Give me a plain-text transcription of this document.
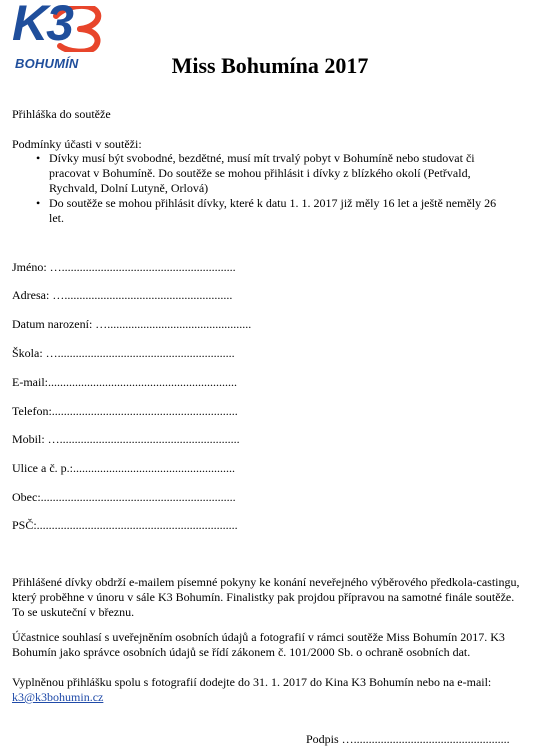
K3
BOHUMÍN	Miss Bohumína 2017
Přihláška do soutěže
Podmínky účasti v soutěži:
• Dívky musí být svobodné, bezdětné, musí mít trvalý pobyt v Bohumíně nebo studovat či pracovat v Bohumíně. Do soutěže se mohou přihlásit i dívky z blízkého okolí (Petřvald, Rychvald, Dolní Lutyně, Orlová)
• Do soutěže se mohou přihlásit dívky, které k datu 1. 1. 2017 již měly 16 let a ještě neměly 26 let.
Jméno: …..........................................................
Adresa: …........................................................
Datum narození: …................................................
Škola: …...........................................................
E-mail:...............................................................
Telefon:..............................................................
Mobil: …............................................................
Ulice a č. p.:......................................................
Obec:.................................................................
PSČ:...................................................................
Přihlášené dívky obdrží e-mailem písemné pokyny ke konání neveřejného výběrového předkola-castingu, který proběhne v únoru v sále K3 Bohumín. Finalistky pak projdou přípravou na samotné finále soutěže. To se uskuteční v březnu.
Účastnice souhlasí s uveřejněním osobních údajů a fotografií v rámci soutěže Miss Bohumín 2017. K3 Bohumín jako správce osobních údajů se řídí zákonem č. 101/2000 Sb. o ochraně osobních dat.
Vyplněnou přihlášku spolu s fotografií dodejte do 31. 1. 2017 do Kina K3 Bohumín nebo na e-mail:
k3@k3bohumin.cz
Podpis …....................................................
